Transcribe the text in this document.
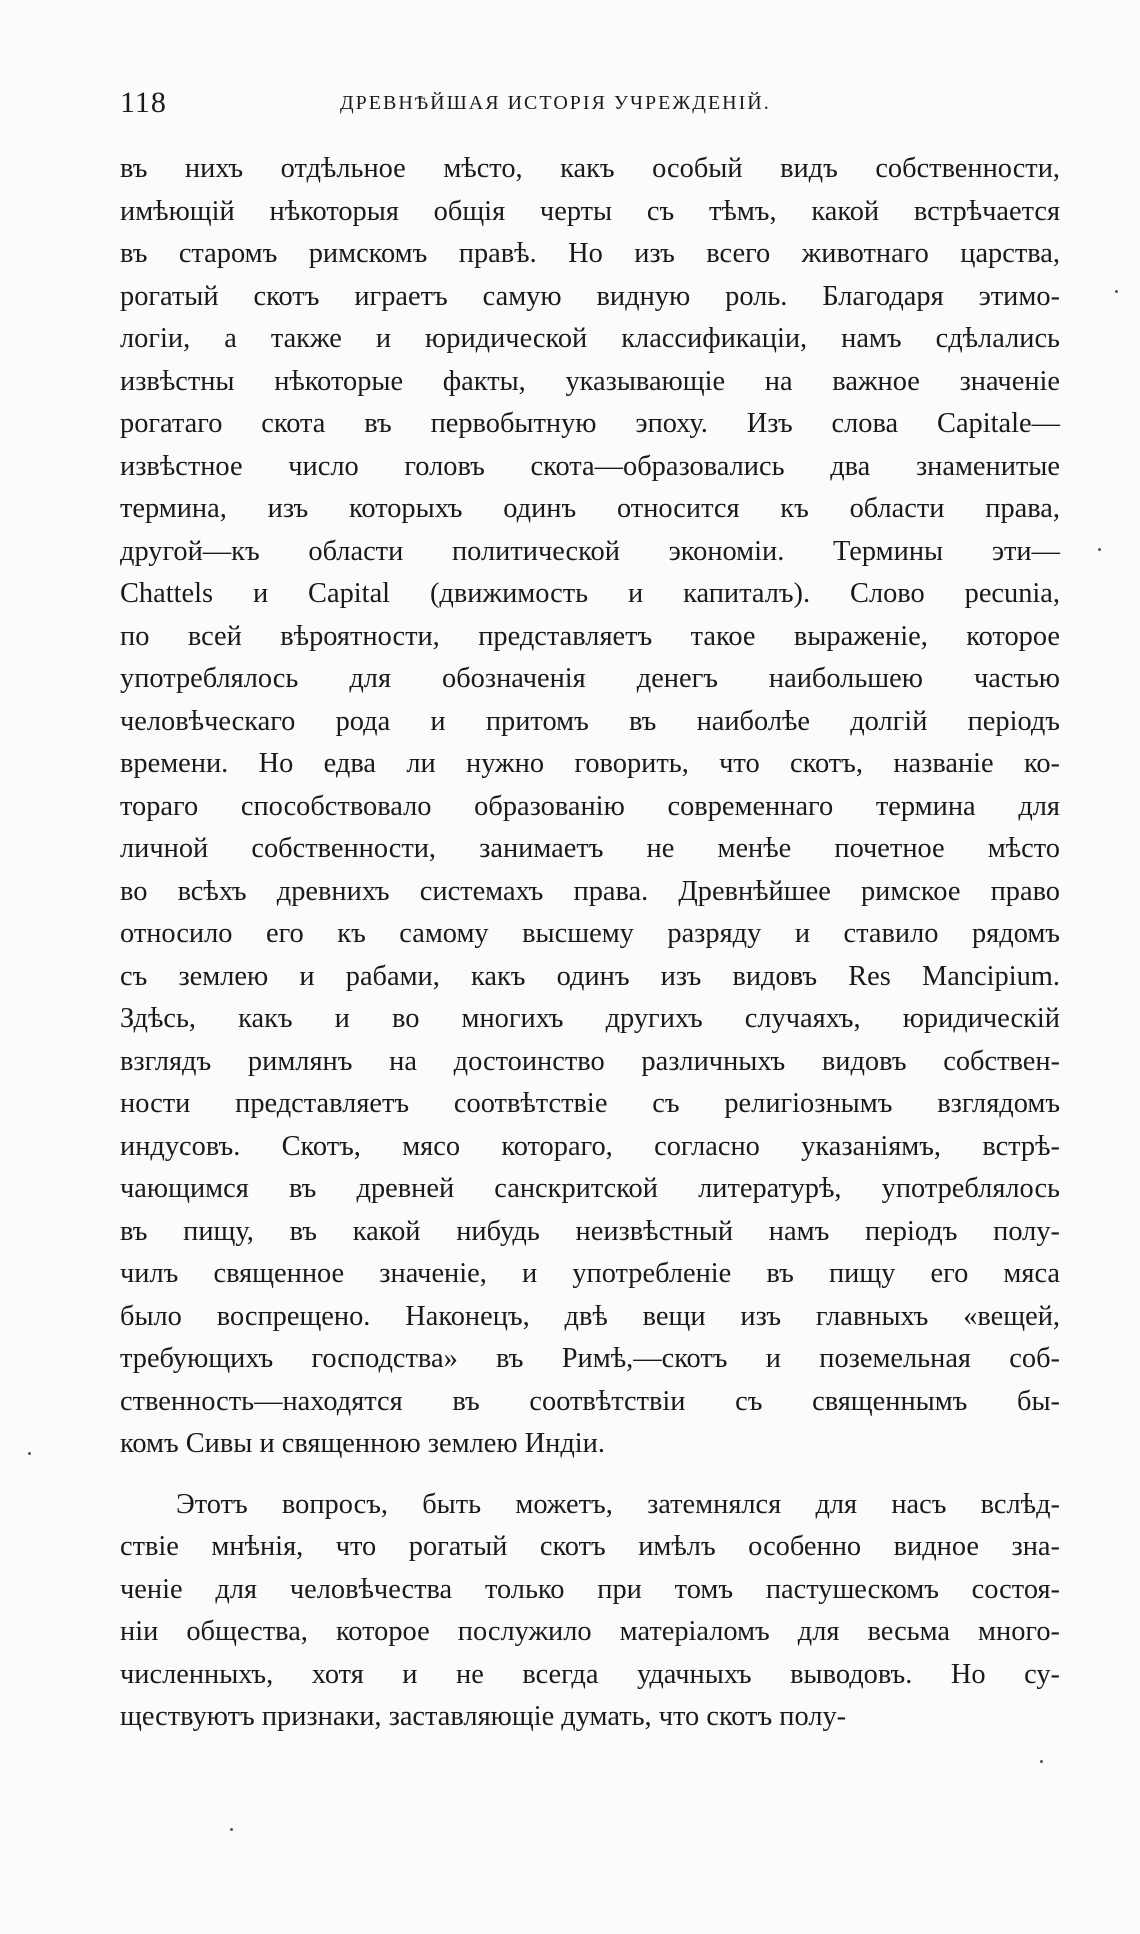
118	ДРЕВНѢЙШАЯ ИСТОРІЯ УЧРЕЖДЕНІЙ.
въ нихъ отдѣльное мѣсто, какъ особый видъ собственности,
имѣющій нѣкоторыя общія черты съ тѣмъ, какой встрѣчается
въ старомъ римскомъ правѣ. Но изъ всего животнаго царства,
рогатый скотъ играетъ самую видную роль. Благодаря этимо-
логіи, а также и юридической классификаціи, намъ сдѣлались
извѣстны нѣкоторые факты, указывающіе на важное значеніе
рогатаго скота въ первобытную эпоху. Изъ слова Capitale—
извѣстное число головъ скота—образовались два знаменитые
термина, изъ которыхъ одинъ относится къ области права,
другой—къ области политической экономіи. Термины эти—
Chattels и Capital (движимость и капиталъ). Слово pecunia,
по всей вѣроятности, представляетъ такое выраженіе, которое
употреблялось для обозначенія денегъ наибольшею частью
человѣческаго рода и притомъ въ наиболѣе долгій періодъ
времени. Но едва ли нужно говорить, что скотъ, названіе ко-
тораго способствовало образованію современнаго термина для
личной собственности, занимаетъ не менѣе почетное мѣсто
во всѣхъ древнихъ системахъ права. Древнѣйшее римское право
относило его къ самому высшему разряду и ставило рядомъ
съ землею и рабами, какъ одинъ изъ видовъ Res Mancipium.
Здѣсь, какъ и во многихъ другихъ случаяхъ, юридическій
взглядъ римлянъ на достоинство различныхъ видовъ собствен-
ности представляетъ соотвѣтствіе съ религіознымъ взглядомъ
индусовъ. Скотъ, мясо котораго, согласно указаніямъ, встрѣ-
чающимся въ древней санскритской литературѣ, употреблялось
въ пищу, въ какой нибудь неизвѣстный намъ періодъ полу-
чилъ священное значеніе, и употребленіе въ пищу его мяса
было воспрещено. Наконецъ, двѣ вещи изъ главныхъ «вещей,
требующихъ господства» въ Римѣ,—скотъ и поземельная соб-
ственность—находятся въ соотвѣтствіи съ священнымъ бы-
комъ Сивы и священною землею Индіи.
Этотъ вопросъ, быть можетъ, затемнялся для насъ вслѣд-
ствіе мнѣнія, что рогатый скотъ имѣлъ особенно видное зна-
ченіе для человѣчества только при томъ пастушескомъ состоя-
ніи общества, которое послужило матеріаломъ для весьма много-
численныхъ, хотя и не всегда удачныхъ выводовъ. Но су-
ществуютъ признаки, заставляющіе думать, что скотъ полу-
